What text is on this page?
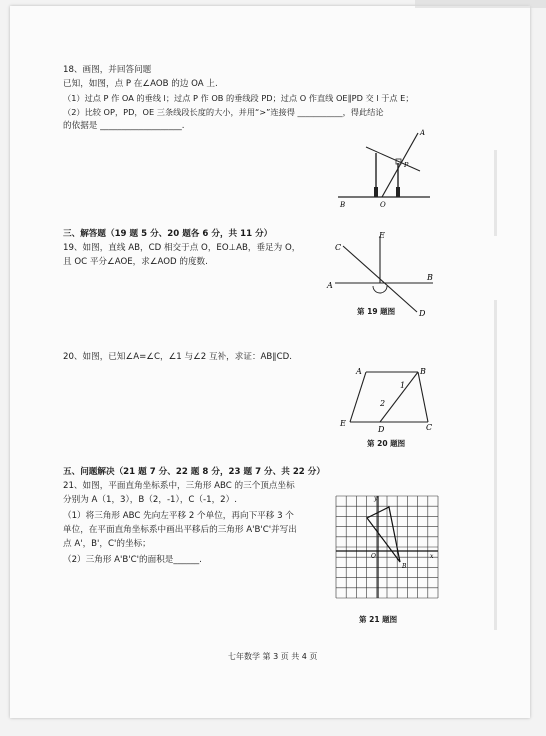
18、画图，并回答问题
已知，如图，点 P 在∠AOB 的边 OA 上.
（1）过点 P 作 OA 的垂线 l；过点 P 作 OB 的垂线段 PD；过点 O 作直线 OE∥PD 交 l 于点 E；
（2）比较 OP，PD，OE 三条线段长度的大小，并用“>”连接得 ___________，得此结论
的依据是 ___________________.
A
P
B	O
三、解答题（19 题 5 分、20 题各 6 分，共 11 分）
19、如图，直线 AB，CD 相交于点 O，EO⊥AB，垂足为 O，
且 OC 平分∠AOE，求∠AOD 的度数.
C
E
A
B
D
第 19 题图
20、如图，已知∠A=∠C，∠1 与∠2 互补，求证：AB∥CD.
A	B
1
2
E
D	C
第 20 题图
五、问题解决（21 题 7 分、22 题 8 分，23 题 7 分、共 22 分）
21、如图，平面直角坐标系中，三角形 ABC 的三个顶点坐标
分别为 A（1，3），B（2，-1），C（-1，2）.
（1）将三角形 ABC 先向左平移 2 个单位，再向下平移 3 个
单位，在平面直角坐标系中画出平移后的三角形 A'B'C'并写出
点 A'，B'，C'的坐标；
（2）三角形 A'B'C'的面积是______.
y
O	x
B
第 21 题图
七年数学 第 3 页 共 4 页
